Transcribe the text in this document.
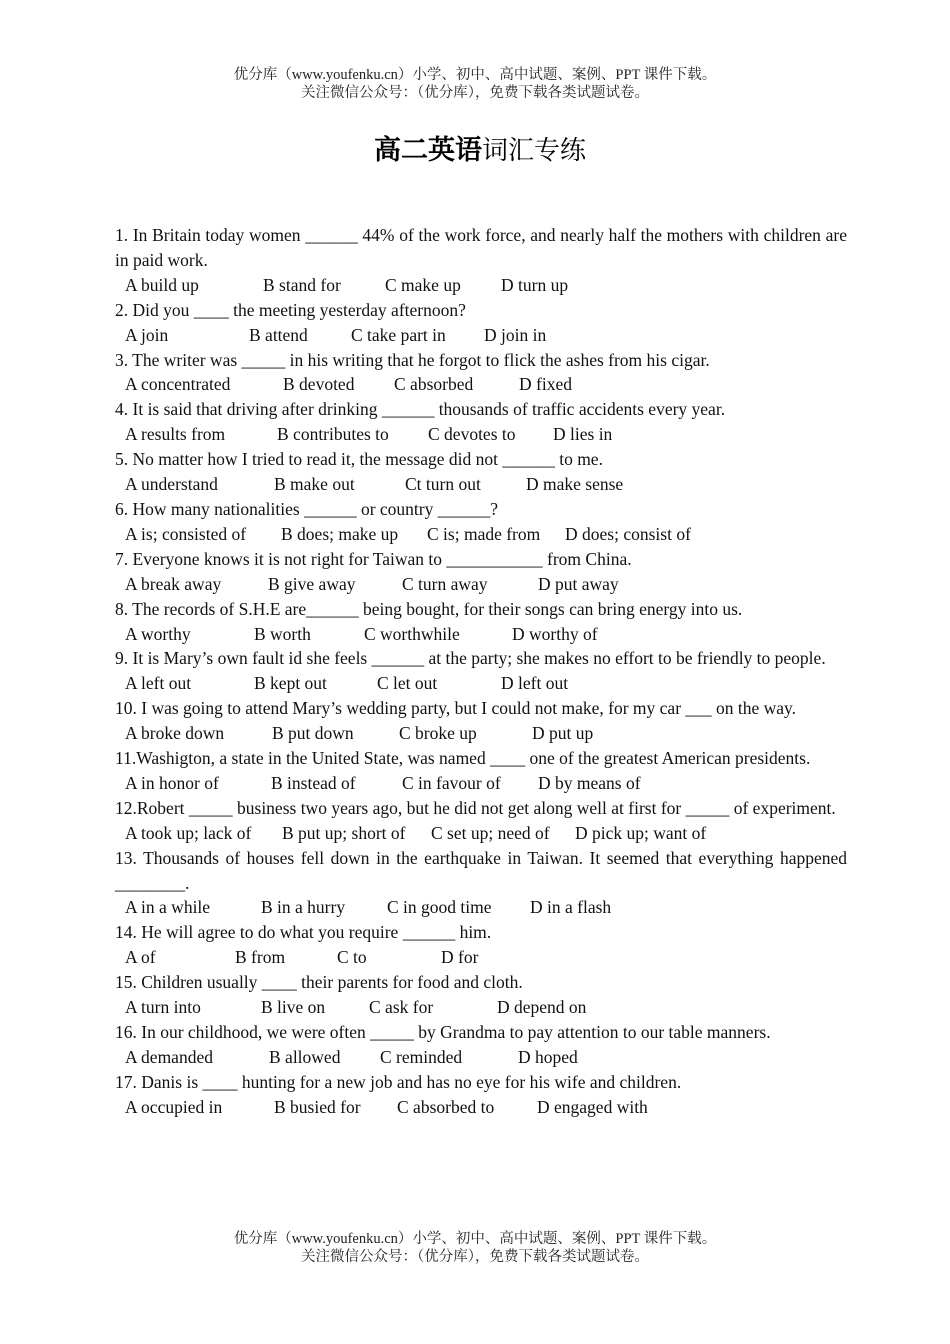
优分库（www.youfenku.cn）小学、初中、高中试题、案例、PPT 课件下载。
关注微信公众号：（优分库），免费下载各类试题试卷。
高二英语词汇专练

1. In Britain today women ______ 44% of the work force, and nearly half the mothers with children are in paid work.

A build up	B stand for	C make up	D turn up

2. Did you ____ the meeting yesterday afternoon?

A join	B attend	C take part in	D join in

3. The writer was _____ in his writing that he forgot to flick the ashes from his cigar.

A concentrated	B devoted	C absorbed	D fixed

4. It is said that driving after drinking ______ thousands of traffic accidents every year.

A results from	B contributes to	C devotes to	D lies in

5. No matter how I tried to read it, the message did not ______ to me.

A understand	B make out	Ct turn out	D make sense

6. How many nationalities ______ or country ______?

A is; consisted of	B does; make up	C is; made from	D does; consist of

7. Everyone knows it is not right for Taiwan to ___________ from China.

A break away	B give away	C turn away	D put away

8. The records of S.H.E are______ being bought, for their songs can bring energy into us.

A worthy	B worth	C worthwhile	D worthy of

9. It is Mary’s own fault id she feels ______ at the party; she makes no effort to be friendly to people.

A left out	B kept out	C let out	D left out

10. I was going to attend Mary’s wedding party, but I could not make, for my car ___ on the way.

A broke down	B put down	C broke up	D put up

11.Washigton, a state in the United State, was named ____ one of the greatest American presidents.

A in honor of	B instead of	C in favour of	D by means of

12.Robert _____ business two years ago, but he did not get along well at first for _____ of experiment.

A took up; lack of	B put up; short of	C set up; need of	D pick up; want of

13. Thousands of houses fell down in the earthquake in Taiwan. It seemed that everything happened ________.

A in a while	B in a hurry	C in good time	D in a flash

14. He will agree to do what you require ______ him.

A of	B from	C to	D for

15. Children usually ____ their parents for food and cloth.

A turn into	B live on	C ask for	D depend on

16. In our childhood, we were often _____ by Grandma to pay attention to our table manners.

A demanded	B allowed	C reminded	D hoped

17. Danis is ____ hunting for a new job and has no eye for his wife and children.

A occupied in	B busied for	C absorbed to	D engaged with
优分库（www.youfenku.cn）小学、初中、高中试题、案例、PPT 课件下载。
关注微信公众号：（优分库），免费下载各类试题试卷。
